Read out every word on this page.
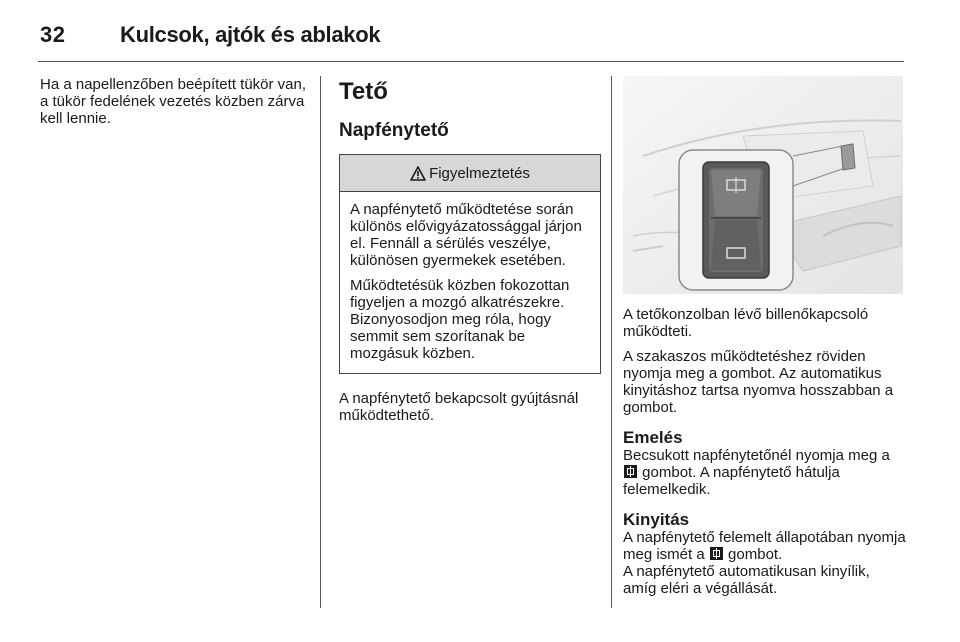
32	Kulcsok, ajtók és ablakok

Ha a napellenzőben beépített tükör van, a tükör fedelének vezetés közben zárva kell lennie.

Tető
Napfénytető
Figyelmeztetés

A napfénytető működtetése során különös elővigyázatossággal járjon el. Fennáll a sérülés veszélye, különösen gyermekek esetében.

Működtetésük közben fokozottan figyeljen a mozgó alkatrészekre. Bizonyosodjon meg róla, hogy semmit sem szorítanak be mozgásuk közben.

A napfénytető bekapcsolt gyújtásnál működtethető.

A tetőkonzolban lévő billenőkapcsoló működteti.

A szakaszos működtetéshez röviden nyomja meg a gombot. Az automatikus kinyitáshoz tartsa nyomva hosszabban a gombot.

Emelés

Becsukott napfénytetőnél nyomja meg a  gombot. A napfénytető hátulja felemelkedik.

Kinyitás

A napfénytető felemelt állapotában nyomja meg ismét a  gombot.

A napfénytető automatikusan kinyílik, amíg eléri a végállását.
